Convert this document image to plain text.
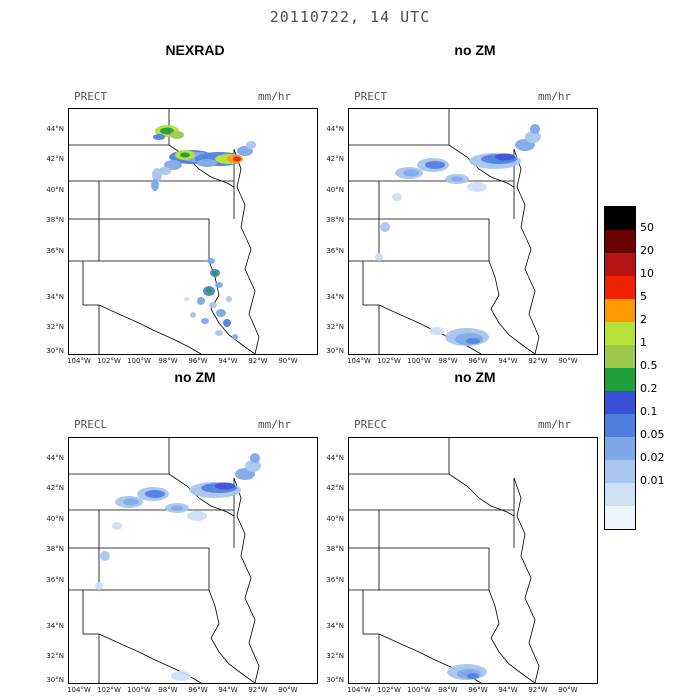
20110722, 14 UTC
NEXRAD
PRECT	mm/hr
44°N
42°N
40°N
38°N
36°N
34°N
32°N
30°N
104°W 102°W 100°W	98°W	96°W	94°W	92°W	90°W
no ZM
PRECT	mm/hr
44°N
42°N
40°N
38°N
36°N
34°N
32°N
30°N
104°W 102°W 100°W	98°W	96°W	94°W	92°W	90°W
no ZM
PRECL	mm/hr
44°N
42°N
40°N
38°N
36°N
34°N
32°N
30°N
104°W 102°W 100°W	98°W	96°W	94°W	92°W	90°W
no ZM
PRECC	mm/hr
44°N
42°N
40°N
38°N
36°N
34°N
32°N
30°N
104°W 102°W 100°W	98°W	96°W	94°W	92°W	90°W
50
20
10
5
2
1
0.5
0.2
0.1
0.05
0.02
0.01
